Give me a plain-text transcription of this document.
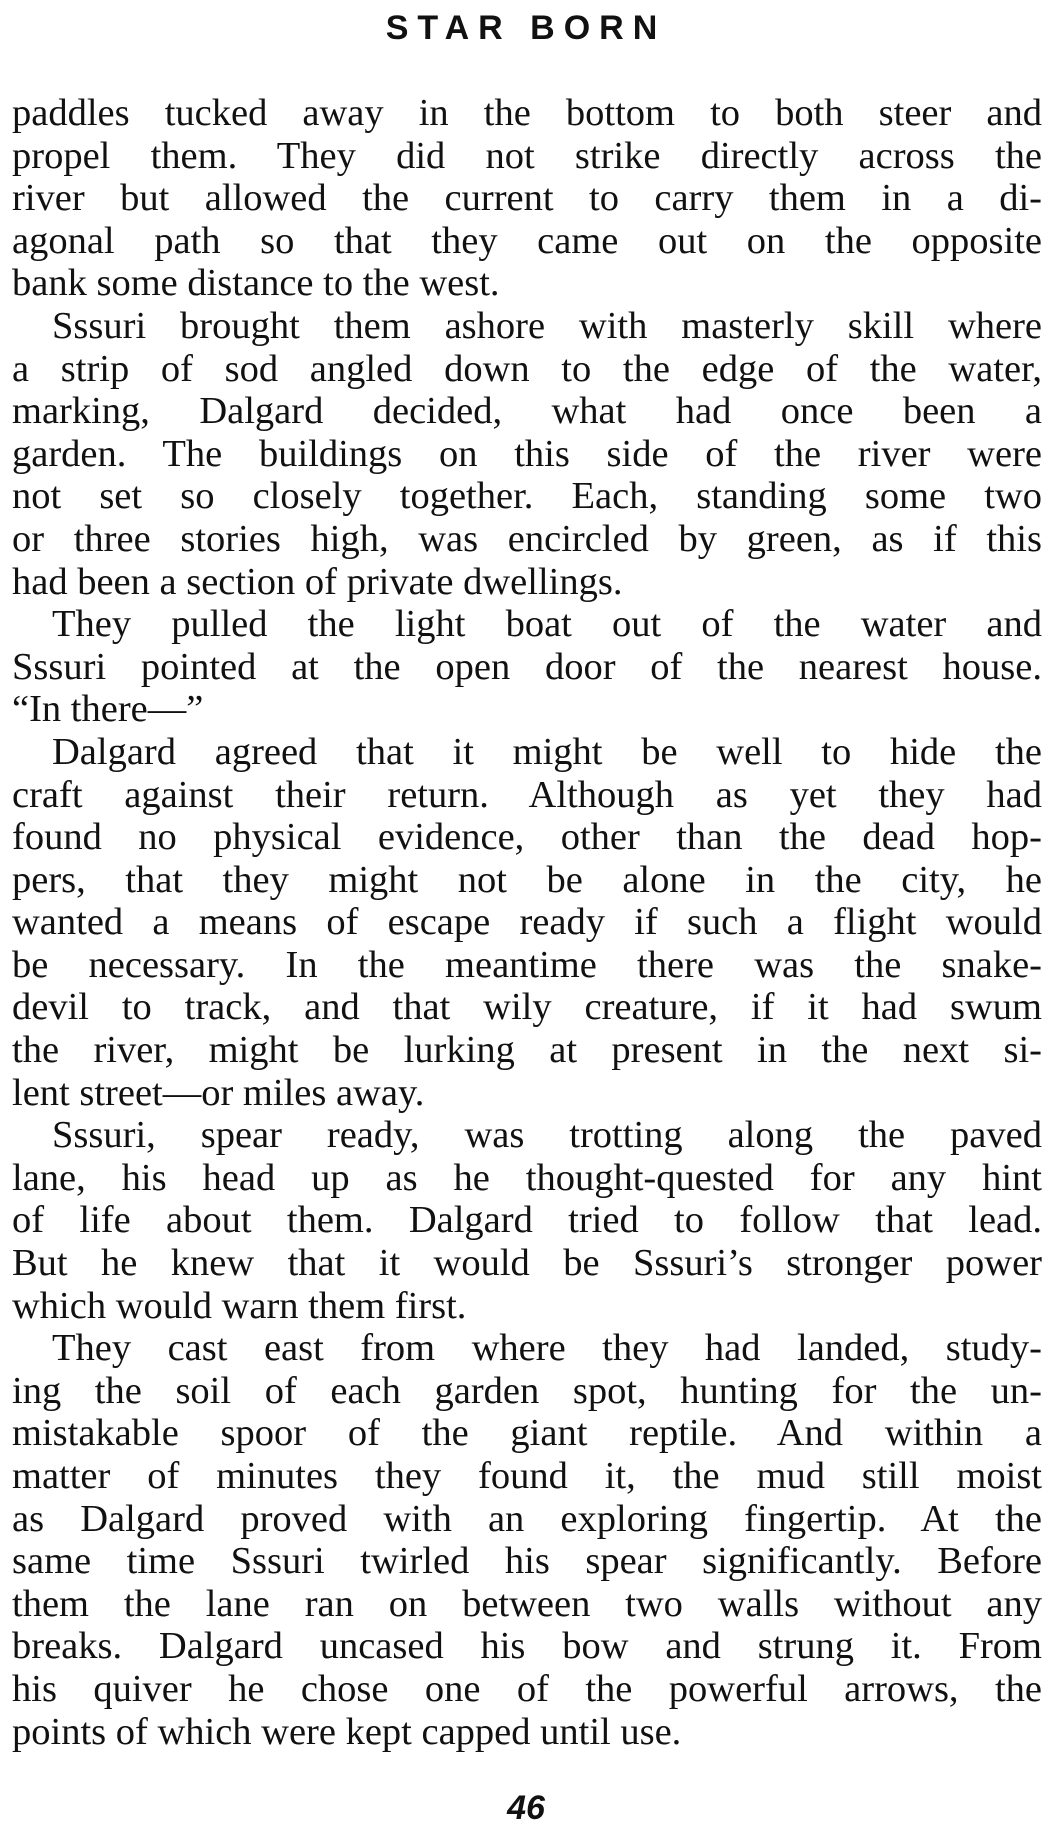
STAR BORN

paddles tucked away in the bottom to both steer and
propel them. They did not strike directly across the
river but allowed the current to carry them in a di-
agonal path so that they came out on the opposite
bank some distance to the west.

Sssuri brought them ashore with masterly skill where
a strip of sod angled down to the edge of the water,
marking, Dalgard decided, what had once been a
garden. The buildings on this side of the river were
not set so closely together. Each, standing some two
or three stories high, was encircled by green, as if this
had been a section of private dwellings.

They pulled the light boat out of the water and
Sssuri pointed at the open door of the nearest house.
“In there—”

Dalgard agreed that it might be well to hide the
craft against their return. Although as yet they had
found no physical evidence, other than the dead hop-
pers, that they might not be alone in the city, he
wanted a means of escape ready if such a flight would
be necessary. In the meantime there was the snake-
devil to track, and that wily creature, if it had swum
the river, might be lurking at present in the next si-
lent street—or miles away.

Sssuri, spear ready, was trotting along the paved
lane, his head up as he thought-quested for any hint
of life about them. Dalgard tried to follow that lead.
But he knew that it would be Sssuri’s stronger power
which would warn them first.

They cast east from where they had landed, study-
ing the soil of each garden spot, hunting for the un-
mistakable spoor of the giant reptile. And within a
matter of minutes they found it, the mud still moist
as Dalgard proved with an exploring fingertip. At the
same time Sssuri twirled his spear significantly. Before
them the lane ran on between two walls without any
breaks. Dalgard uncased his bow and strung it. From
his quiver he chose one of the powerful arrows, the
points of which were kept capped until use.

46
